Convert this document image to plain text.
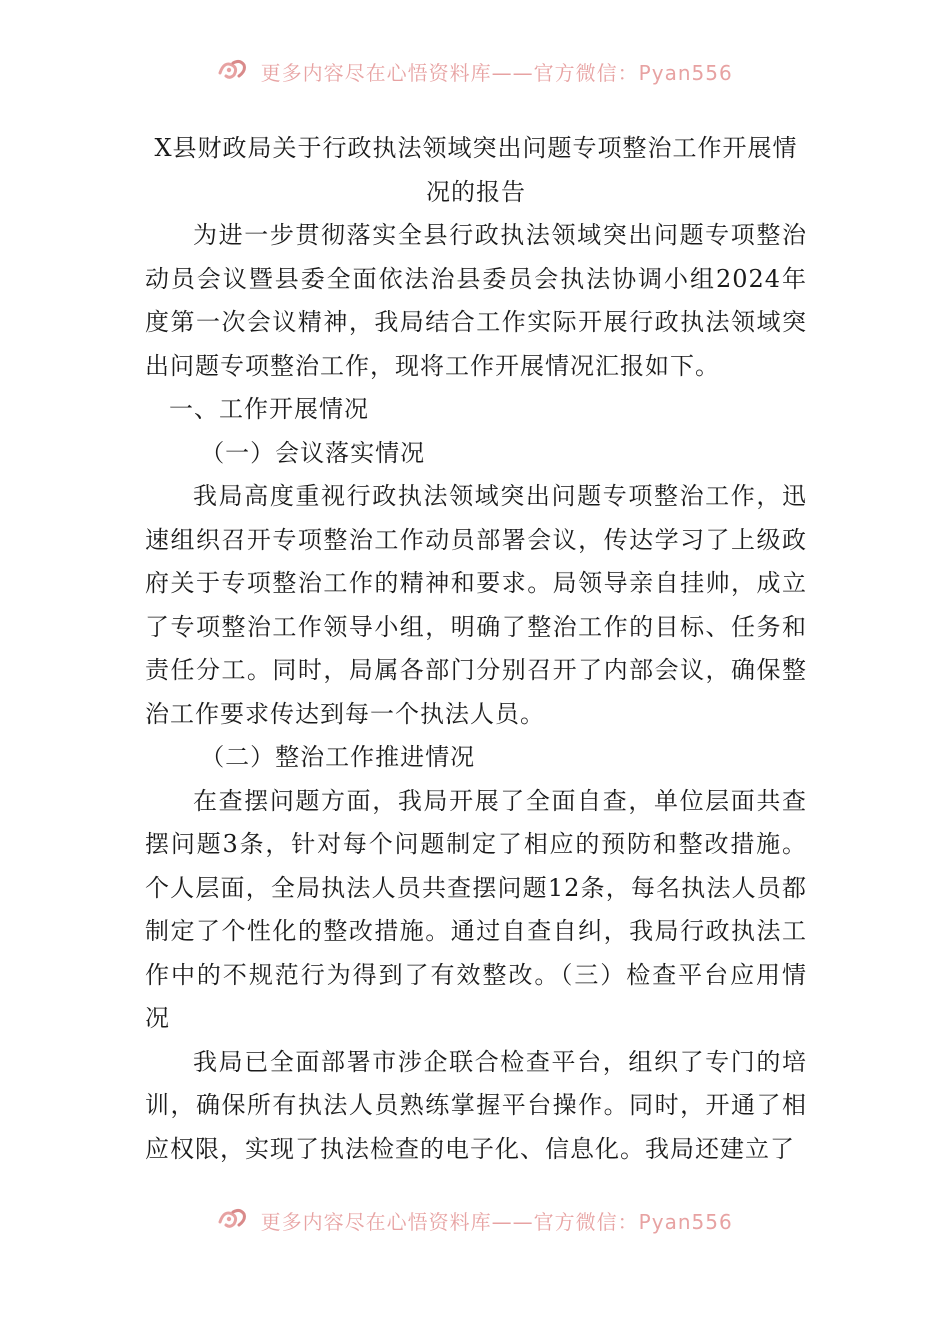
更多内容尽在心悟资料库——官方微信：Pyan556
X县财政局关于行政执法领域突出问题专项整治工作开展情况的报告

为进一步贯彻落实全县行政执法领域突出问题专项整治动员会议暨县委全面依法治县委员会执法协调小组2024年度第一次会议精神，我局结合工作实际开展行政执法领域突出问题专项整治工作，现将工作开展情况汇报如下。

一、工作开展情况

（一）会议落实情况

我局高度重视行政执法领域突出问题专项整治工作，迅速组织召开专项整治工作动员部署会议，传达学习了上级政府关于专项整治工作的精神和要求。局领导亲自挂帅，成立了专项整治工作领导小组，明确了整治工作的目标、任务和责任分工。同时，局属各部门分别召开了内部会议，确保整治工作要求传达到每一个执法人员。

（二）整治工作推进情况

在查摆问题方面，我局开展了全面自查，单位层面共查摆问题3条，针对每个问题制定了相应的预防和整改措施。个人层面，全局执法人员共查摆问题12条，每名执法人员都制定了个性化的整改措施。通过自查自纠，我局行政执法工作中的不规范行为得到了有效整改。（三）检查平台应用情况

我局已全面部署市涉企联合检查平台，组织了专门的培训，确保所有执法人员熟练掌握平台操作。同时，开通了相应权限，实现了执法检查的电子化、信息化。我局还建立了

更多内容尽在心悟资料库——官方微信：Pyan556
